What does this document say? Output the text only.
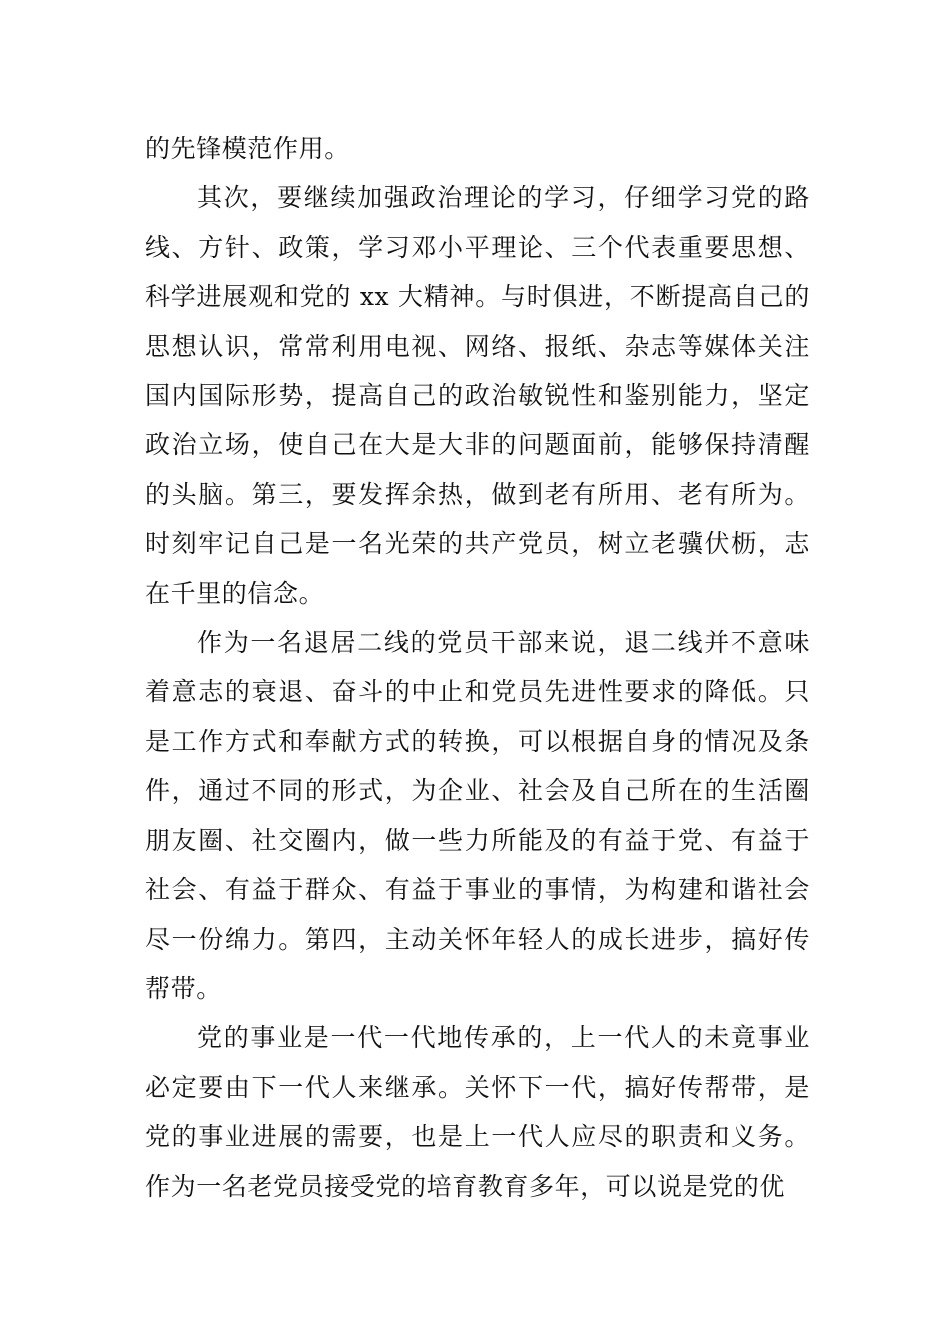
的先锋模范作用。

其次，要继续加强政治理论的学习，仔细学习党的路线、方针、政策，学习邓小平理论、三个代表重要思想、科学进展观和党的 xx 大精神。与时俱进，不断提高自己的思想认识，常常利用电视、网络、报纸、杂志等媒体关注国内国际形势，提高自己的政治敏锐性和鉴别能力，坚定政治立场，使自己在大是大非的问题面前，能够保持清醒的头脑。第三，要发挥余热，做到老有所用、老有所为。时刻牢记自己是一名光荣的共产党员，树立老骥伏枥，志在千里的信念。

作为一名退居二线的党员干部来说，退二线并不意味着意志的衰退、奋斗的中止和党员先进性要求的降低。只是工作方式和奉献方式的转换，可以根据自身的情况及条件，通过不同的形式，为企业、社会及自己所在的生活圈朋友圈、社交圈内，做一些力所能及的有益于党、有益于社会、有益于群众、有益于事业的事情，为构建和谐社会尽一份绵力。第四，主动关怀年轻人的成长进步，搞好传帮带。

党的事业是一代一代地传承的，上一代人的未竟事业必定要由下一代人来继承。关怀下一代，搞好传帮带，是党的事业进展的需要，也是上一代人应尽的职责和义务。作为一名老党员接受党的培育教育多年，可以说是党的优
